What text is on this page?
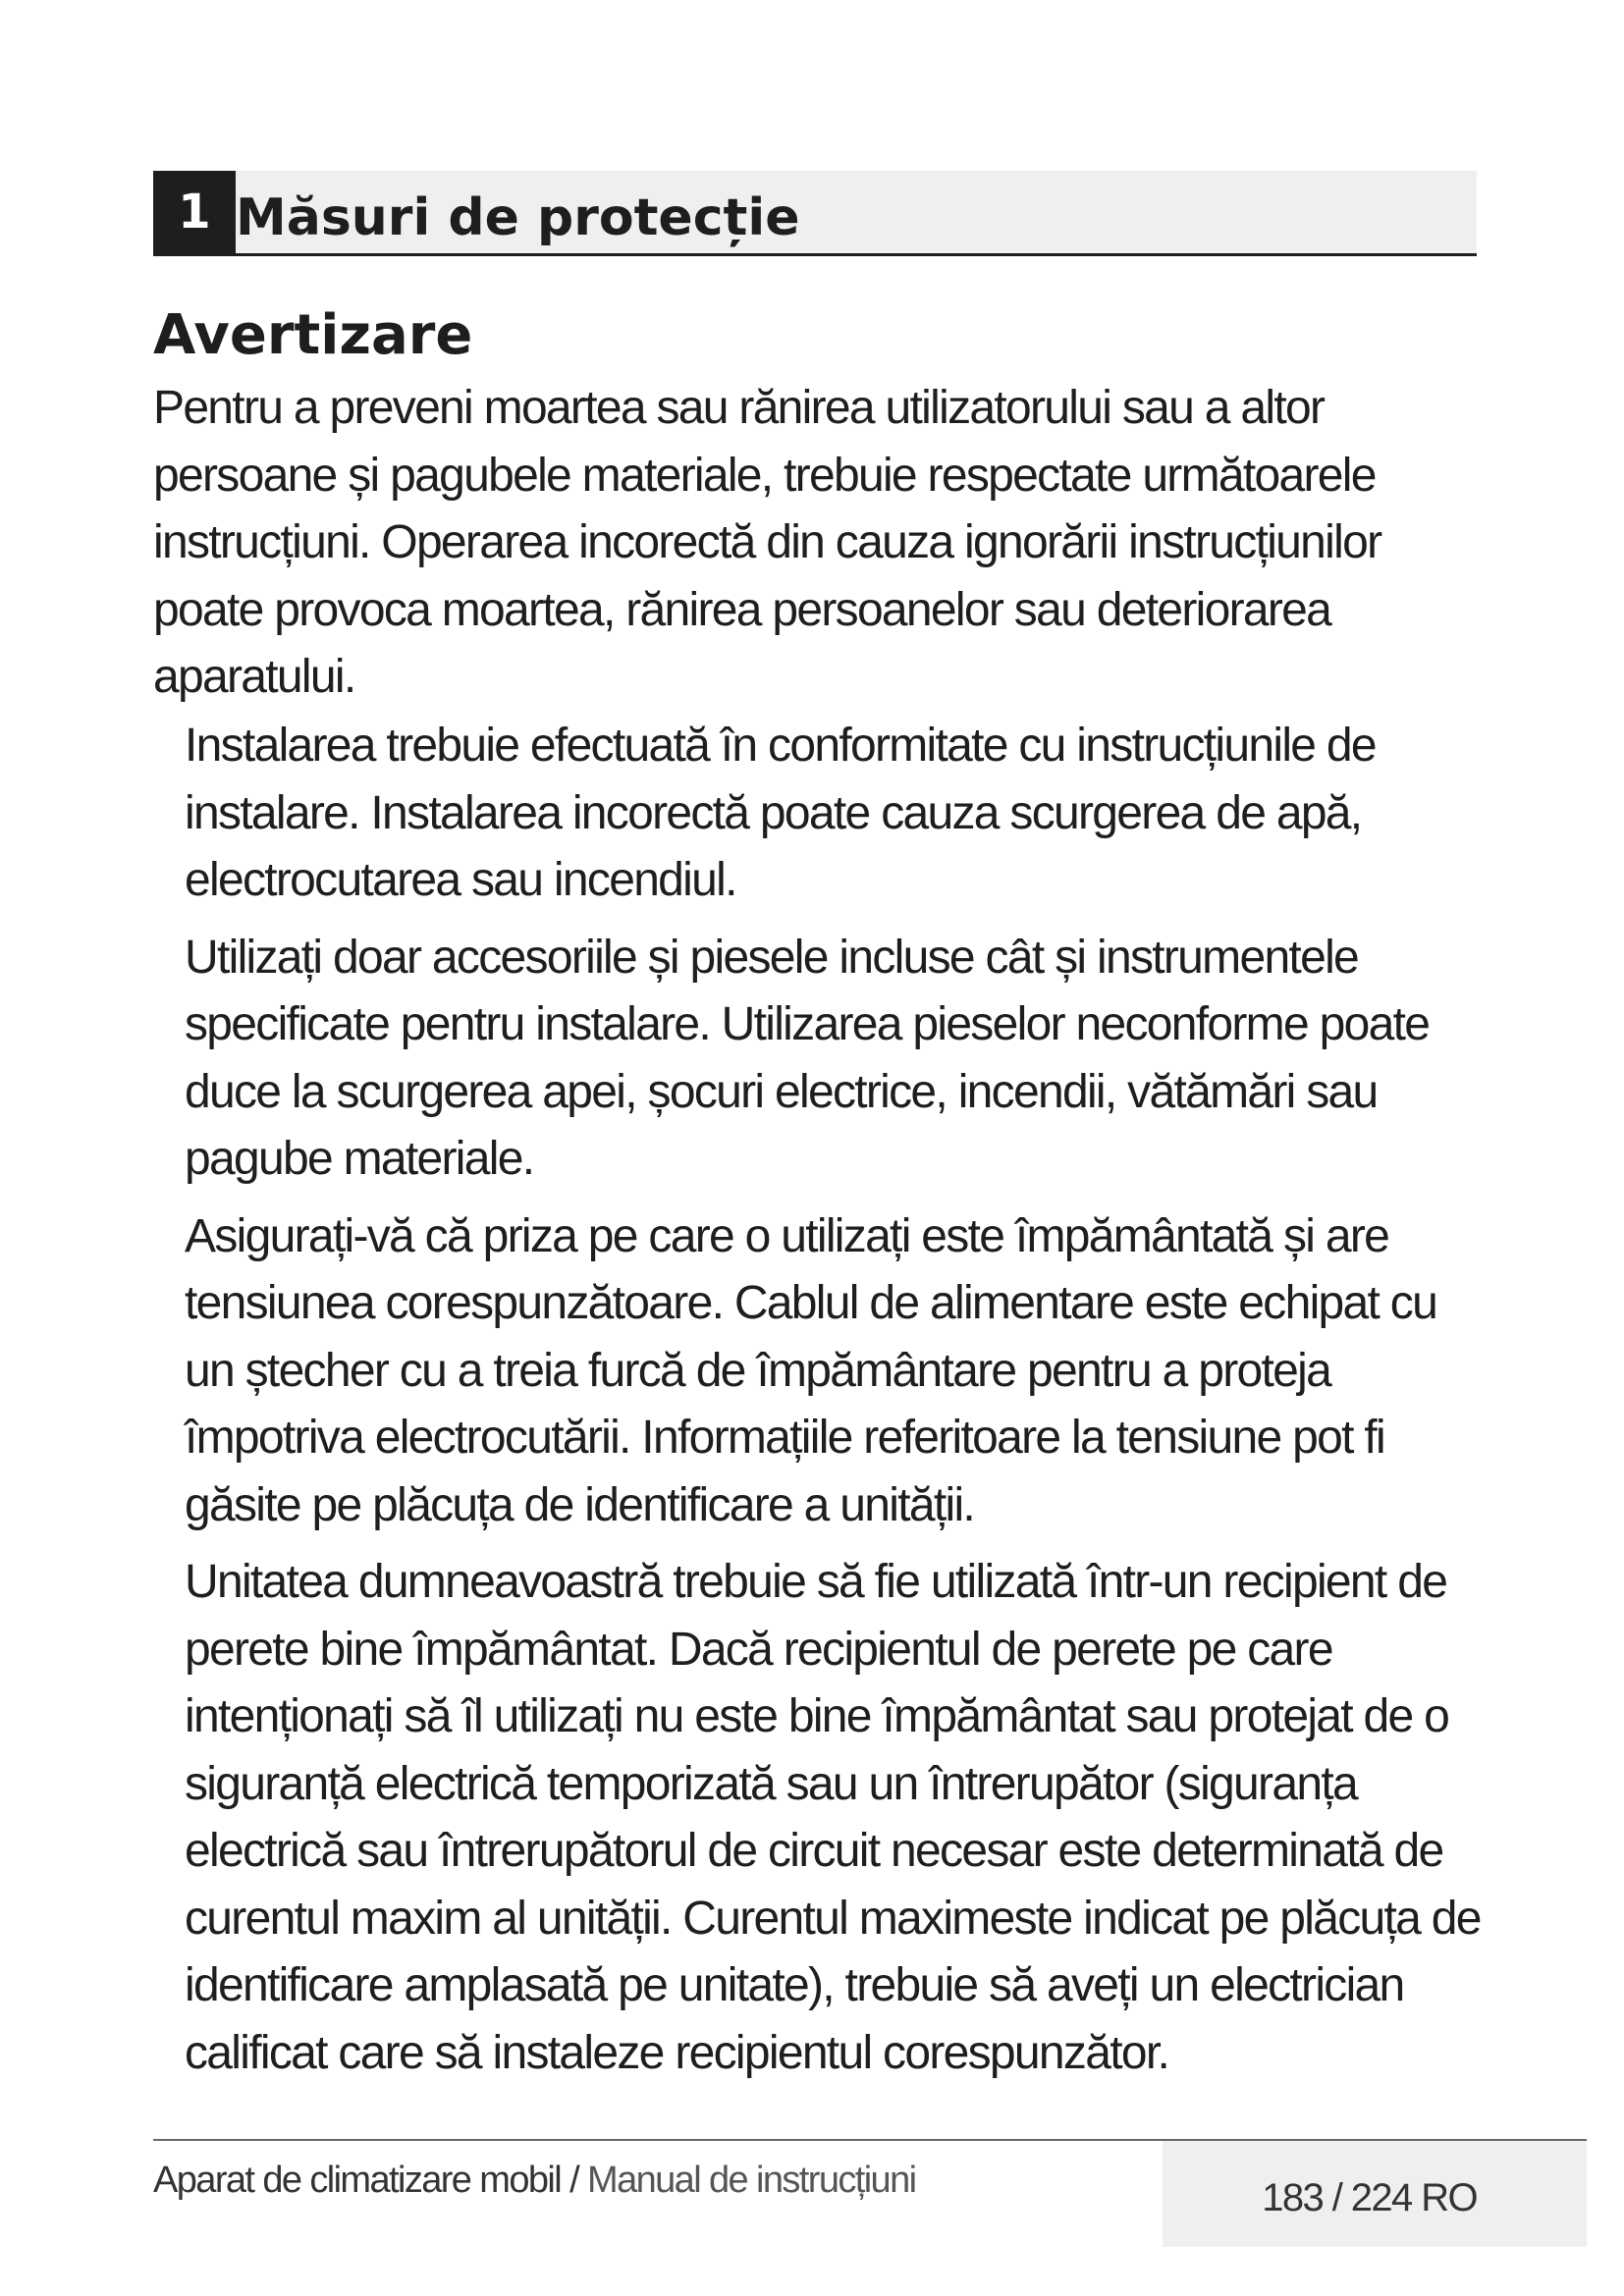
1 Măsuri de protecție
Avertizare

Pentru a preveni moartea sau rănirea utilizatorului sau a altor persoane și pagubele materiale, trebuie respectate următoarele instrucțiuni. Operarea incorectă din cauza ignorării instrucțiunilor poate provoca moartea, rănirea persoanelor sau deteriorarea aparatului.

Instalarea trebuie efectuată în conformitate cu instrucțiunile de instalare. Instalarea incorectă poate cauza scurgerea de apă, electrocutarea sau incendiul.
Utilizați doar accesoriile și piesele incluse cât și instrumentele specificate pentru instalare. Utilizarea pieselor neconforme poate duce la scurgerea apei, șocuri electrice, incendii, vătămări sau pagube materiale.
Asigurați-vă că priza pe care o utilizați este împământată și are tensiunea corespunzătoare. Cablul de alimentare este echipat cu un ștecher cu a treia furcă de împământare pentru a proteja împotriva electrocutării. Informațiile referitoare la tensiune pot fi găsite pe plăcuța de identificare a unității.
Unitatea dumneavoastră trebuie să fie utilizată într-un recipient de perete bine împământat. Dacă recipientul de perete pe care intenționați să îl utilizați nu este bine împământat sau protejat de o siguranță electrică temporizată sau un întrerupător (siguranța electrică sau întrerupătorul de circuit necesar este determinată de curentul maxim al unității. Curentul maximeste indicat pe plăcuța de identificare amplasată pe unitate), trebuie să aveți un electrician calificat care să instaleze recipientul corespunzător.
Aparat de climatizare mobil / Manual de instrucțiuni	183 / 224 RO
